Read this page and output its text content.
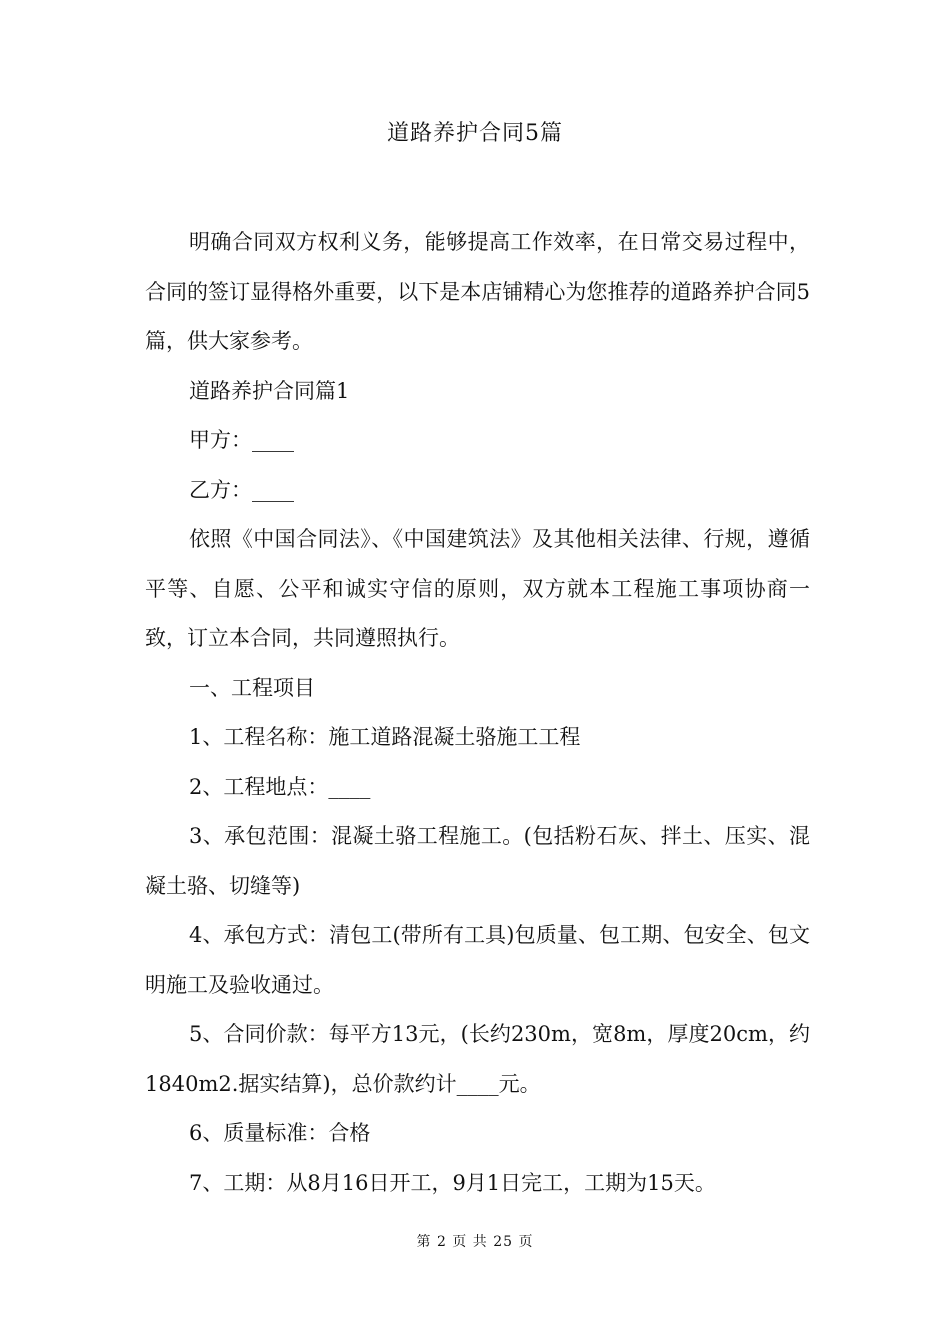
道路养护合同5篇

明确合同双方权利义务，能够提高工作效率，在日常交易过程中，合同的签订显得格外重要，以下是本店铺精心为您推荐的道路养护合同5篇，供大家参考。

道路养护合同篇1

甲方：____

乙方：____

依照《中国合同法》、《中国建筑法》及其他相关法律、行规，遵循平等、自愿、公平和诚实守信的原则，双方就本工程施工事项协商一致，订立本合同，共同遵照执行。

一、工程项目

1、工程名称：施工道路混凝土骆施工工程

2、工程地点：____

3、承包范围：混凝土骆工程施工。(包括粉石灰、拌土、压实、混凝土骆、切缝等)

4、承包方式：清包工(带所有工具)包质量、包工期、包安全、包文明施工及验收通过。

5、合同价款：每平方13元，(长约230m，宽8m，厚度20cm，约1840m2.据实结算)，总价款约计____元。

6、质量标准：合格

7、工期：从8月16日开工，9月1日完工，工期为15天。

第 2 页 共 25 页
